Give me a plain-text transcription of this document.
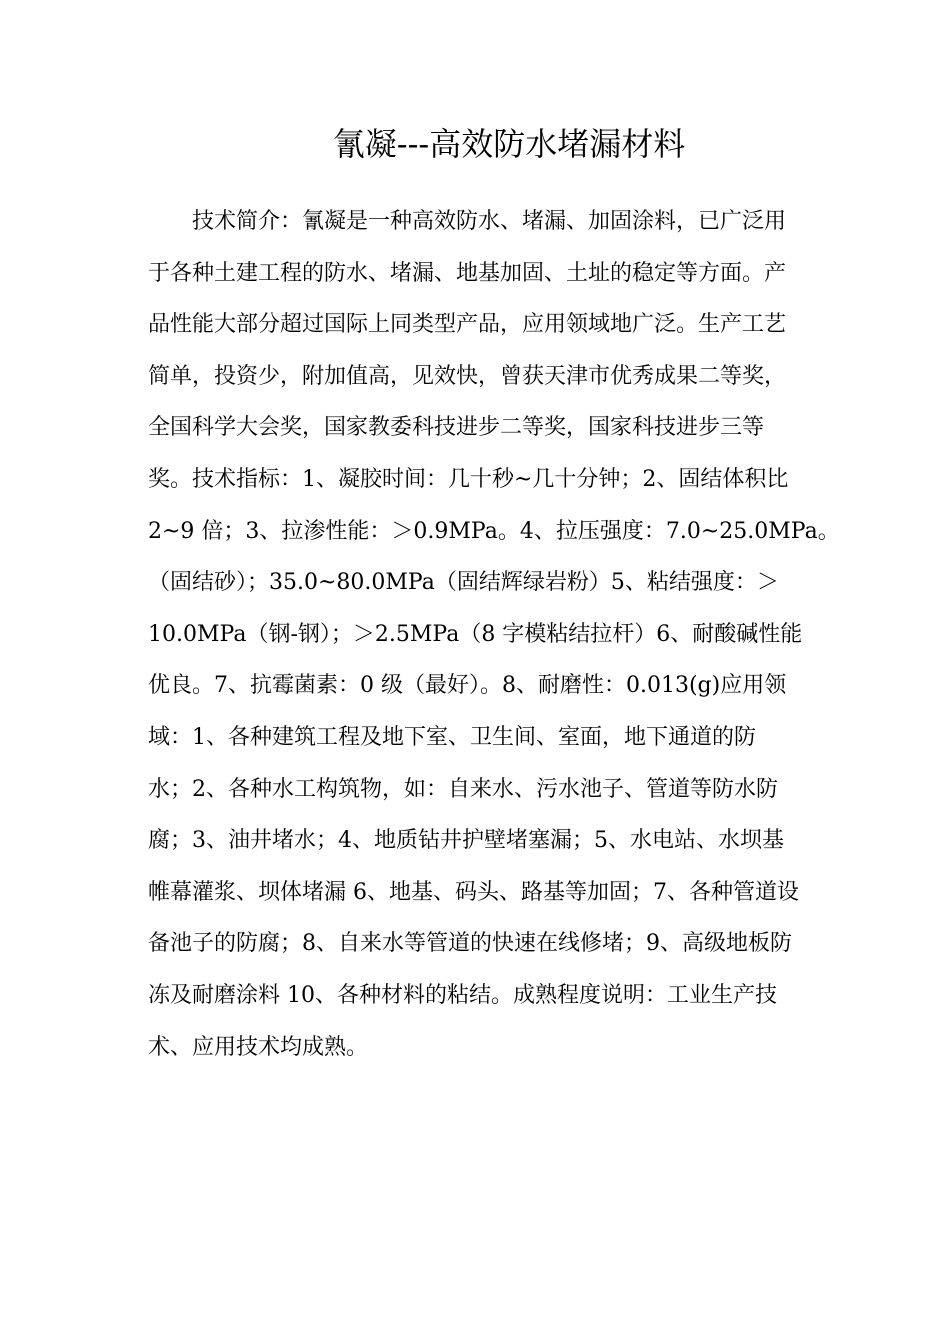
氰凝---高效防水堵漏材料
技术简介：氰凝是一种高效防水、堵漏、加固涂料，已广泛用
于各种土建工程的防水、堵漏、地基加固、土址的稳定等方面。产
品性能大部分超过国际上同类型产品，应用领域地广泛。生产工艺
简单，投资少，附加值高，见效快，曾获天津市优秀成果二等奖，
全国科学大会奖，国家教委科技进步二等奖，国家科技进步三等
奖。技术指标：1、凝胶时间：几十秒~几十分钟；2、固结体积比
2~9 倍；3、拉渗性能：＞0.9MPa。4、拉压强度：7.0~25.0MPa。
（固结砂）；35.0~80.0MPa（固结辉绿岩粉）5、粘结强度：＞
10.0MPa（钢-钢）；＞2.5MPa（8 字模粘结拉杆）6、耐酸碱性能
优良。7、抗霉菌素：0 级（最好）。8、耐磨性：0.013(g)应用领
域：1、各种建筑工程及地下室、卫生间、室面，地下通道的防
水；2、各种水工构筑物，如：自来水、污水池子、管道等防水防
腐；3、油井堵水；4、地质钻井护壁堵塞漏；5、水电站、水坝基
帷幕灌浆、坝体堵漏 6、地基、码头、路基等加固；7、各种管道设
备池子的防腐；8、自来水等管道的快速在线修堵；9、高级地板防
冻及耐磨涂料 10、各种材料的粘结。成熟程度说明：工业生产技
术、应用技术均成熟。
